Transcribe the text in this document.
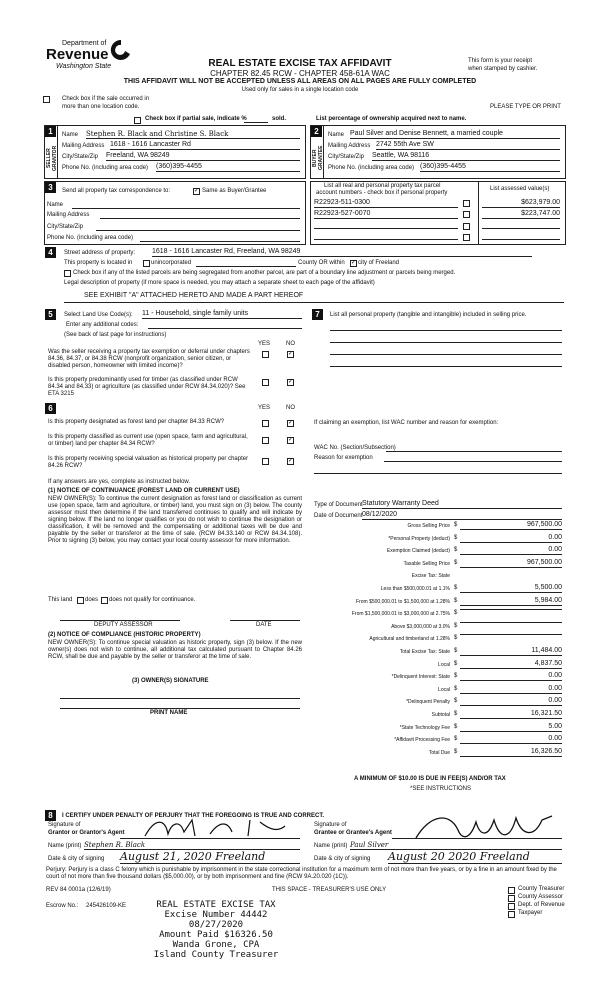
Department of
Revenue
Washington State	REAL ESTATE EXCISE TAX AFFIDAVIT
CHAPTER 82.45 RCW - CHAPTER 458-61A WAC
THIS AFFIDAVIT WILL NOT BE ACCEPTED UNLESS ALL AREAS ON ALL PAGES ARE FULLY COMPLETED
Used only for sales in a single location code
This form is your receipt
when stamped by cashier.
Check box if the sale occurred in
more than one location code.	PLEASE TYPE OR PRINT
Check box if partial sale, indicate %	sold.	List percentage of ownership acquired next to name.
1
SELLER GRANTOR
Name Stephen R. Black and Christine S. Black
Mailing Address 1618 - 1616 Lancaster Rd
City/State/Zip Freeland, WA 98249
Phone No. (including area code) (360)395-4455
2
BUYER GRANTEE
Name Paul Silver and Denise Bennett, a married couple
Mailing Address 2742 55th Ave SW
City/State/Zip Seattle, WA 98116
Phone No. (including area code) (360)395-4455
3	Send all property tax correspondence to:	✓ Same as Buyer/Grantee
Name
Mailing Address
City/State/Zip
Phone No. (including area code)
List all real and personal property tax parcel
account numbers - check box if personal property
List assessed value(s)
R22923-511-0300	$623,979.00
R22923-527-0070	$223,747.00
4	Street address of property: 1618 - 1616 Lancaster Rd, Freeland, WA 98249
This property is located in	unincorporated	County OR within ✓ city of Freeland
Check box if any of the listed parcels are being segregated from another parcel, are part of a boundary line adjustment or parcels being merged.
Legal description of property (if more space is needed, you may attach a separate sheet to each page of the affidavit)
SEE EXHIBIT "A" ATTACHED HERETO AND MADE A PART HEREOF
5	Select Land Use Code(s): 11 - Household, single family units
Enter any additional codes:
(See back of last page for instructions)
YES	NO
Was the seller receiving a property tax exemption or deferral under chapters 84.36, 84.37, or 84.38 RCW (nonprofit organization, senior citizen, or disabled person, homeowner with limited income)?
✓
Is this property predominantly used for timber (as classified under RCW 84.34 and 84.33) or agriculture (as classified under RCW 84.34.020)? See ETA 3215
✓
6	YES	NO
Is this property designated as forest land per chapter 84.33 RCW?	✓
Is this property classified as current use (open space, farm and agricultural, or timber) land per chapter 84.34 RCW?
✓
Is this property receiving special valuation as historical property per chapter 84.26 RCW?
✓
If any answers are yes, complete as instructed below.
(1) NOTICE OF CONTINUANCE (FOREST LAND OR CURRENT USE)
NEW OWNER(S): To continue the current designation as forest land or classification as current use (open space, farm and agriculture, or timber) land, you must sign on (3) below. The county assessor must then determine if the land transferred continues to qualify and will indicate by signing below. If the land no longer qualifies or you do not wish to continue the designation or classification, it will be removed and the compensating or additional taxes will be due and payable by the seller or transferor at the time of sale. (RCW 84.33.140 or RCW 84.34.108). Prior to signing (3) below, you may contact your local county assessor for more information.
This land does does not qualify for continuance.
DEPUTY ASSESSOR	DATE
(2) NOTICE OF COMPLIANCE (HISTORIC PROPERTY)
NEW OWNER(S): To continue special valuation as historic property, sign (3) below. If the new owner(s) does not wish to continue, all additional tax calculated pursuant to Chapter 84.26 RCW, shall be due and payable by the seller or transferor at the time of sale.
(3) OWNER(S) SIGNATURE
PRINT NAME
7	List all personal property (tangible and intangible) included in selling price.
If claiming an exemption, list WAC number and reason for exemption:
WAC No. (Section/Subsection)
Reason for exemption
Type of Document Statutory Warranty Deed
Date of Document 08/12/2020
Gross Selling Price $	967,500.00
*Personal Property (deduct) $	0.00
Exemption Claimed (deduct) $	0.00
Taxable Selling Price $	967,500.00
Excise Tax: State
Less than $500,000.01 at 1.1% $	5,500.00
From $500,000.01 to $1,500,000 at 1.28% $	5,984.00
From $1,500,000.01 to $3,000,000 at 2.75% $
Above $3,000,000 at 3.0% $
Agricultural and timberland at 1.28% $
Total Excise Tax: State $	11,484.00
Local $	4,837.50
*Delinquent Interest: State $	0.00
Local $	0.00
*Delinquent Penalty $	0.00
Subtotal $	16,321.50
*State Technology Fee $	5.00
*Affidavit Processing Fee $	0.00
Total Due $	16,326.50
A MINIMUM OF $10.00 IS DUE IN FEE(S) AND/OR TAX
*SEE INSTRUCTIONS
8	I CERTIFY UNDER PENALTY OF PERJURY THAT THE FOREGOING IS TRUE AND CORRECT.
Signature of
Grantor or Grantor's Agent
Signature of
Grantee or Grantee's Agent
Name (print) Stephen R. Black	Name (print) Paul Silver
Date & city of signing August 21, 2020 Freeland	Date & city of signing August 20 2020 Freeland
Perjury: Perjury is a class C felony which is punishable by imprisonment in the state correctional institution for a maximum term of not more than five years, or by a fine in an amount fixed by the court of not more than five thousand dollars ($5,000.00), or by both imprisonment and fine (RCW 9A.20.020 (1C)).
REV 84 0001a (12/6/19)	THIS SPACE - TREASURER'S USE ONLY	County Treasurer
County Assessor
Dept. of Revenue
Taxpayer
Escrow No.: 245426109-KE	REAL ESTATE EXCISE TAX
Excise Number 44442
08/27/2020
Amount Paid $16326.50
Wanda Grone, CPA
Island County Treasurer
